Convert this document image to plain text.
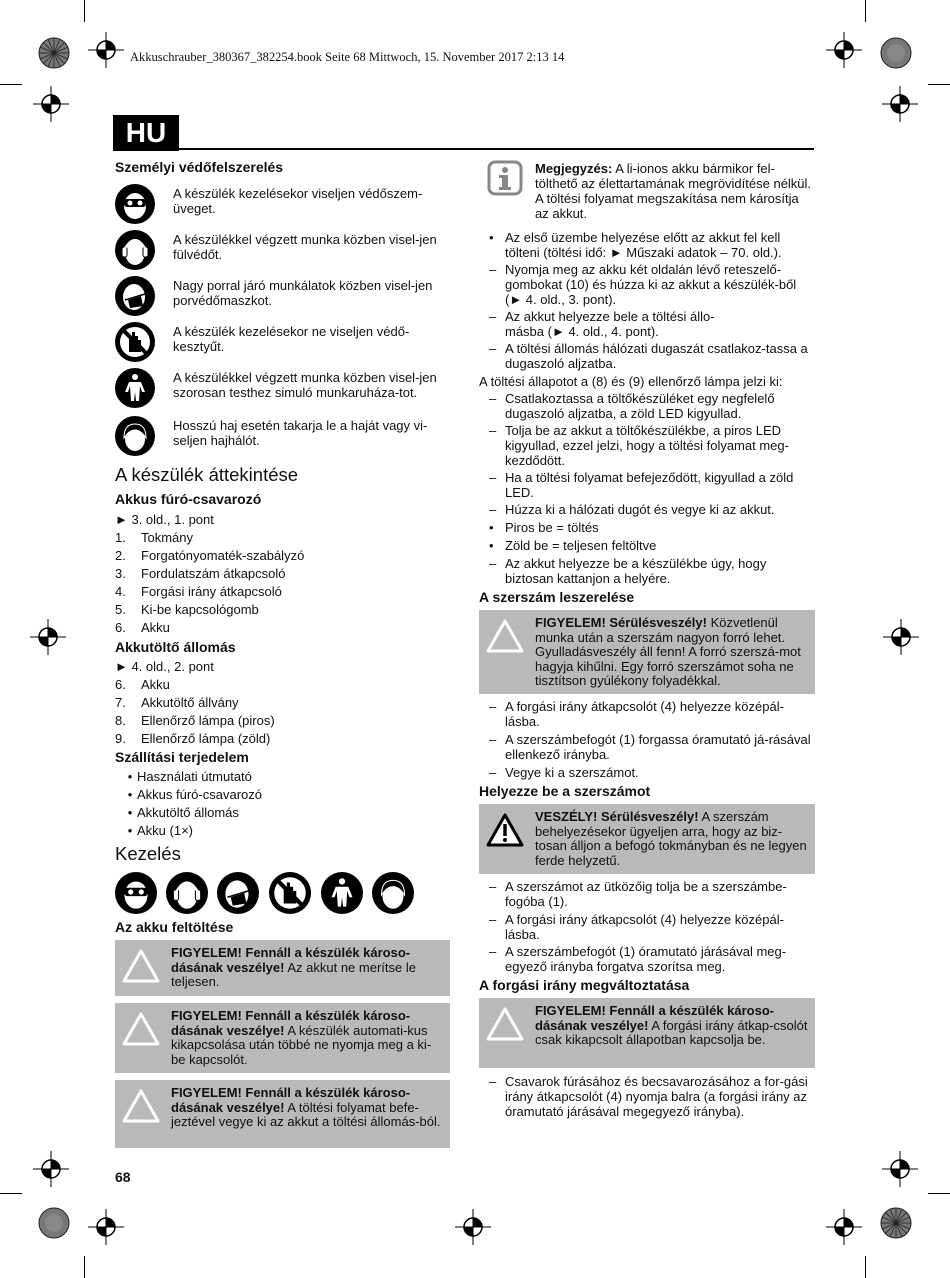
Akkuschrauber_380367_382254.book Seite 68 Mittwoch, 15. November 2017 2:13 14
HU
Személyi védőfelszerelés
A készülék kezelésekor viseljen védőszem-üveget.
A készülékkel végzett munka közben visel-jen fülvédőt.
Nagy porral járó munkálatok közben visel-jen porvédőmaszkot.
A készülék kezelésekor ne viseljen védő-kesztyűt.
A készülékkel végzett munka közben visel-jen szorosan testhez simuló munkaruháza-tot.
Hosszú haj esetén takarja le a haját vagy vi-seljen hajhálót.
A készülék áttekintése
Akkus fúró-csavarozó
► 3. old., 1. pont
1. Tokmány
2. Forgatónyomaték-szabályzó
3. Fordulatszám átkapcsoló
4. Forgási irány átkapcsoló
5. Ki-be kapcsológomb
6. Akku
Akkutöltő állomás
► 4. old., 2. pont
6. Akku
7. Akkutöltő állvány
8. Ellenőrző lámpa (piros)
9. Ellenőrző lámpa (zöld)
Szállítási terjedelem
• Használati útmutató
• Akkus fúró-csavarozó
• Akkutöltő állomás
• Akku (1×)
Kezelés
Az akku feltöltése
FIGYELEM! Fennáll a készülék károso-dásának veszélye! Az akkut ne merítse le teljesen.
FIGYELEM! Fennáll a készülék károso-dásának veszélye! A készülék automati-kus kikapcsolása után többé ne nyomja meg a ki-be kapcsolót.
FIGYELEM! Fennáll a készülék károso-dásának veszélye! A töltési folyamat befe-jeztével vegye ki az akkut a töltési állomás-ból.
Megjegyzés: A li-ionos akku bármikor fel-tölthető az élettartamának megrövidítése nélkül. A töltési folyamat megszakítása nem károsítja az akkut.
• Az első üzembe helyezése előtt az akkut fel kell tölteni (töltési idő: ► Műszaki adatok – 70. old.).
– Nyomja meg az akku két oldalán lévő reteszelő-gombokat (10) és húzza ki az akkut a készülék-ből (► 4. old., 3. pont).
– Az akkut helyezze bele a töltési állo-másba (► 4. old., 4. pont).
– A töltési állomás hálózati dugaszát csatlakoz-tassa a dugaszoló aljzatba.
A töltési állapotot a (8) és (9) ellenőrző lámpa jelzi ki:
– Csatlakoztassa a töltőkészüléket egy negfelelő dugaszoló aljzatba, a zöld LED kigyullad.
– Tolja be az akkut a töltőkészülékbe, a piros LED kigyullad, ezzel jelzi, hogy a töltési folyamat meg-kezdődött.
– Ha a töltési folyamat befejeződött, kigyullad a zöld LED.
– Húzza ki a hálózati dugót és vegye ki az akkut.
• Piros be = töltés
• Zöld be = teljesen feltöltve
– Az akkut helyezze be a készülékbe úgy, hogy biztosan kattanjon a helyére.
A szerszám leszerelése
FIGYELEM! Sérülésveszély! Közvetlenül munka után a szerszám nagyon forró lehet. Gyulladásveszély áll fenn! A forró szerszá-mot hagyja kihűlni. Egy forró szerszámot soha ne tisztítson gyúlékony folyadékkal.
– A forgási irány átkapcsolót (4) helyezze középál-lásba.
– A szerszámbefogót (1) forgassa óramutató já-rásával ellenkező irányba.
– Vegye ki a szerszámot.
Helyezze be a szerszámot
VESZÉLY! Sérülésveszély! A szerszám behelyezésekor ügyeljen arra, hogy az biz-tosan álljon a befogó tokmányban és ne legyen ferde helyzetű.
– A szerszámot az ütközőig tolja be a szerszámbe-fogóba (1).
– A forgási irány átkapcsolót (4) helyezze középál-lásba.
– A szerszámbefogót (1) óramutató járásával meg-egyező irányba forgatva szorítsa meg.
A forgási irány megváltoztatása
FIGYELEM! Fennáll a készülék károso-dásának veszélye! A forgási irány átkap-csolót csak kikapcsolt állapotban kapcsolja be.
– Csavarok fúrásához és becsavarozásához a for-gási irány átkapcsolót (4) nyomja balra (a forgási irány az óramutató járásával megegyező irányba).
68
